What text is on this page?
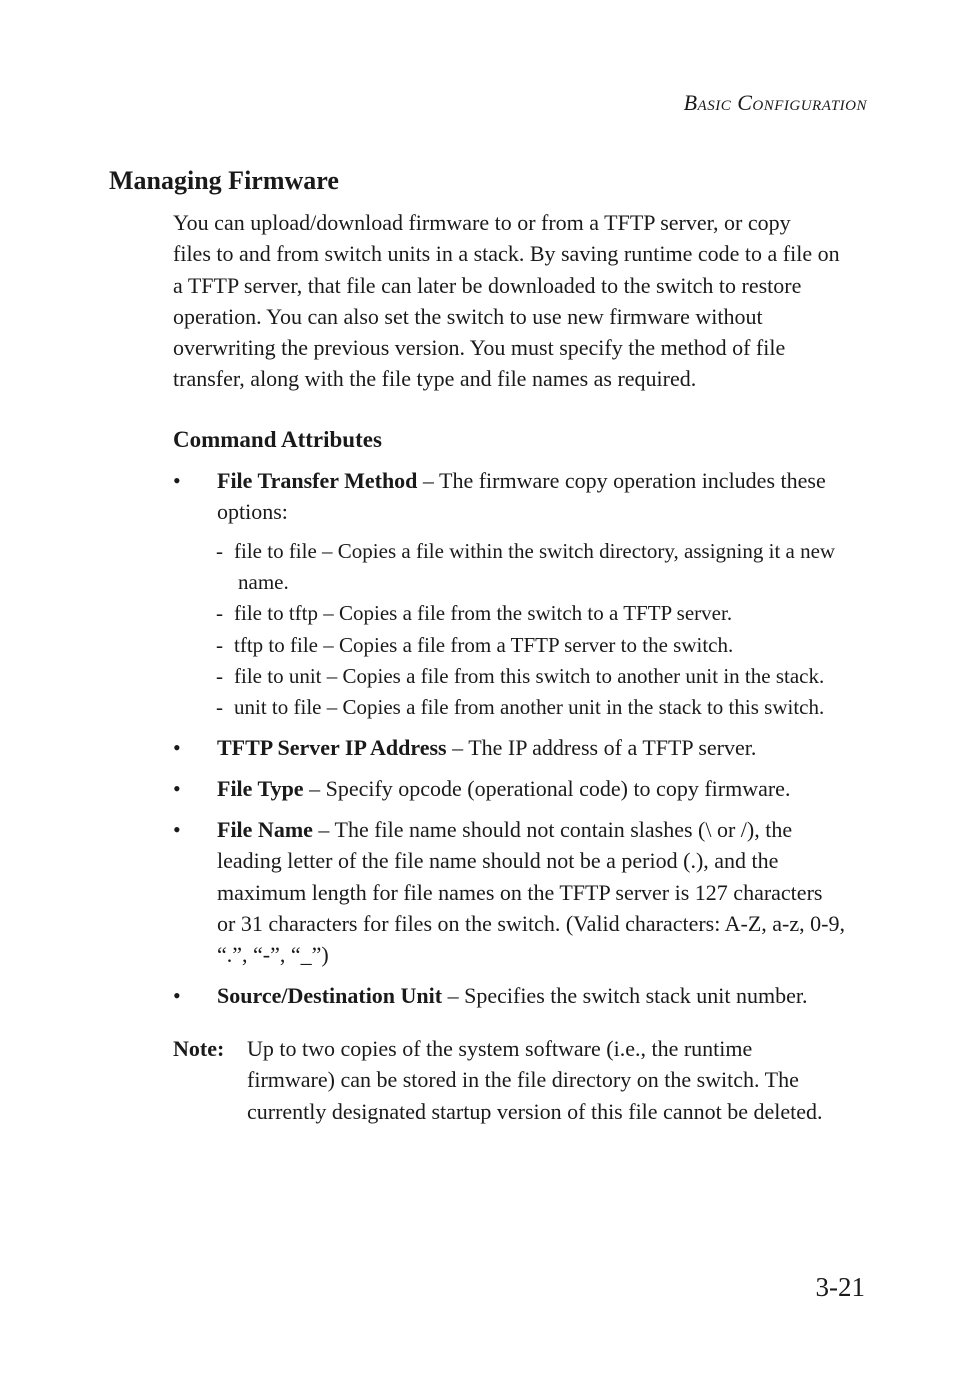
Basic Configuration
Managing Firmware

You can upload/download firmware to or from a TFTP server, or copy
files to and from switch units in a stack. By saving runtime code to a file on
a TFTP server, that file can later be downloaded to the switch to restore
operation. You can also set the switch to use new firmware without
overwriting the previous version. You must specify the method of file
transfer, along with the file type and file names as required.

Command Attributes
•	File Transfer Method – The firmware copy operation includes these
options:
- file to file – Copies a file within the switch directory, assigning it a new
name.
- file to tftp – Copies a file from the switch to a TFTP server.
- tftp to file – Copies a file from a TFTP server to the switch.
- file to unit – Copies a file from this switch to another unit in the stack.
- unit to file – Copies a file from another unit in the stack to this switch.
•	TFTP Server IP Address – The IP address of a TFTP server.
•	File Type – Specify opcode (operational code) to copy firmware.
•	File Name – The file name should not contain slashes (\ or /), the
leading letter of the file name should not be a period (.), and the
maximum length for file names on the TFTP server is 127 characters
or 31 characters for files on the switch. (Valid characters: A-Z, a-z, 0-9,
“.”, “-”, “_”)
•	Source/Destination Unit – Specifies the switch stack unit number.
Note: Up to two copies of the system software (i.e., the runtime
firmware) can be stored in the file directory on the switch. The
currently designated startup version of this file cannot be deleted.
3-21
